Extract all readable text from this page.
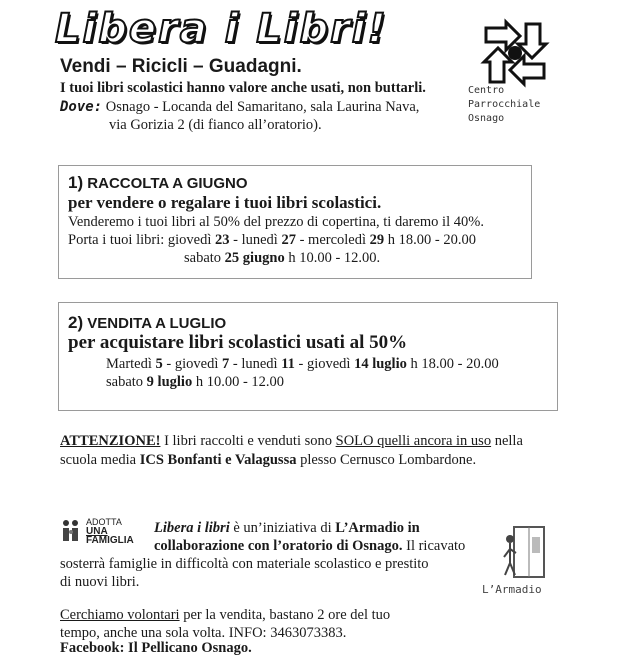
Libera i Libri!
Vendi – Ricicli – Guadagni.
I tuoi libri scolastici hanno valore anche usati, non buttarli.
Dove: Osnago - Locanda del Samaritano, sala Laurina Nava,
via Gorizia 2 (di fianco all’oratorio).
Centro
Parrocchiale
Osnago
1) RACCOLTA A GIUGNO
per vendere o regalare i tuoi libri scolastici.
Venderemo i tuoi libri al 50% del prezzo di copertina, ti daremo il 40%.
Porta i tuoi libri: giovedì 23 - lunedì 27 - mercoledì 29 h 18.00 - 20.00
sabato 25 giugno h 10.00 - 12.00.
2) VENDITA A LUGLIO
per acquistare libri scolastici usati al 50%
Martedì 5 - giovedì 7 - lunedì 11 - giovedì 14 luglio h 18.00 - 20.00
sabato 9 luglio h 10.00 - 12.00
ATTENZIONE! I libri raccolti e venduti sono SOLO quelli ancora in uso nella
scuola media ICS Bonfanti e Valagussa plesso Cernusco Lombardone.
ADOTTA
UNA
FAMIGLIA
Libera i libri è un’iniziativa di L’Armadio in
collaborazione con l’oratorio di Osnago. Il ricavato
sosterrà famiglie in difficoltà con materiale scolastico e prestito
di nuovi libri.	L’Armadio
Cerchiamo volontari per la vendita, bastano 2 ore del tuo
tempo, anche una sola volta. INFO: 3463073383.
Facebook: Il Pellicano Osnago.
